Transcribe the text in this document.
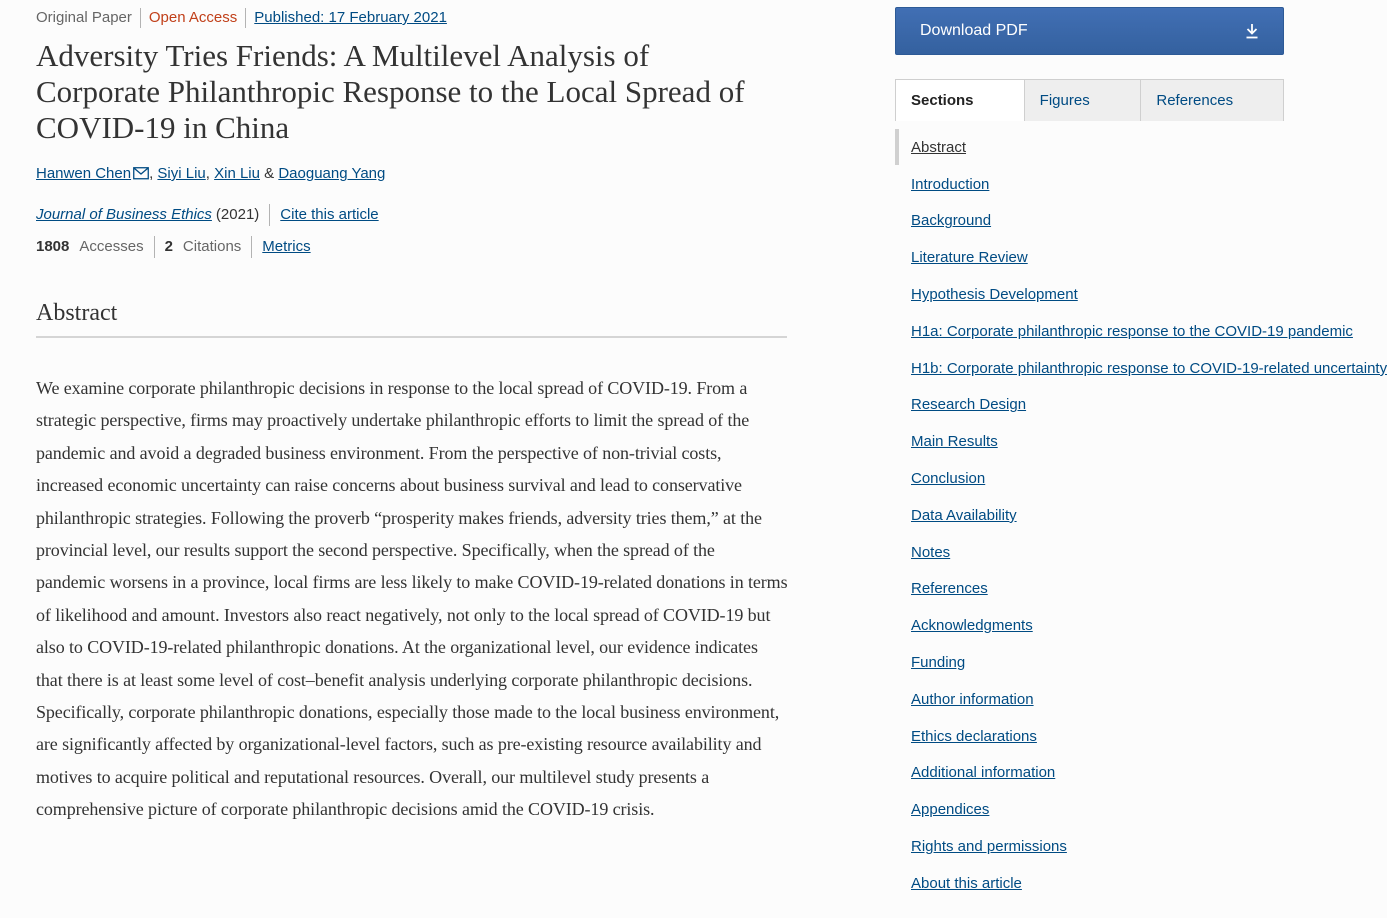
Original Paper Open Access Published: 17 February 2021
Adversity Tries Friends: A Multilevel Analysis of Corporate Philanthropic Response to the Local Spread of COVID-19 in China
Hanwen Chen , Siyi Liu, Xin Liu & Daoguang Yang
Journal of Business Ethics (2021) Cite this article
1808 Accesses 2 Citations Metrics
Abstract

We examine corporate philanthropic decisions in response to the local spread of COVID-19. From a strategic perspective, firms may proactively undertake philanthropic efforts to limit the spread of the pandemic and avoid a degraded business environment. From the perspective of non-trivial costs, increased economic uncertainty can raise concerns about business survival and lead to conservative philanthropic strategies. Following the proverb “prosperity makes friends, adversity tries them,” at the provincial level, our results support the second perspective. Specifically, when the spread of the pandemic worsens in a province, local firms are less likely to make COVID-19-related donations in terms of likelihood and amount. Investors also react negatively, not only to the local spread of COVID-19 but also to COVID-19-related philanthropic donations. At the organizational level, our evidence indicates that there is at least some level of cost–benefit analysis underlying corporate philanthropic decisions. Specifically, corporate philanthropic donations, especially those made to the local business environment, are significantly affected by organizational-level factors, such as pre-existing resource availability and motives to acquire political and reputational resources. Overall, our multilevel study presents a comprehensive picture of corporate philanthropic decisions amid the COVID-19 crisis.

Download PDF
Sections	Figures	References
Abstract
Introduction
Background
Literature Review
Hypothesis Development
H1a: Corporate philanthropic response to the COVID-19 pandemic
H1b: Corporate philanthropic response to COVID-19-related uncertainty
Research Design
Main Results
Conclusion
Data Availability
Notes
References
Acknowledgments
Funding
Author information
Ethics declarations
Additional information
Appendices
Rights and permissions
About this article
